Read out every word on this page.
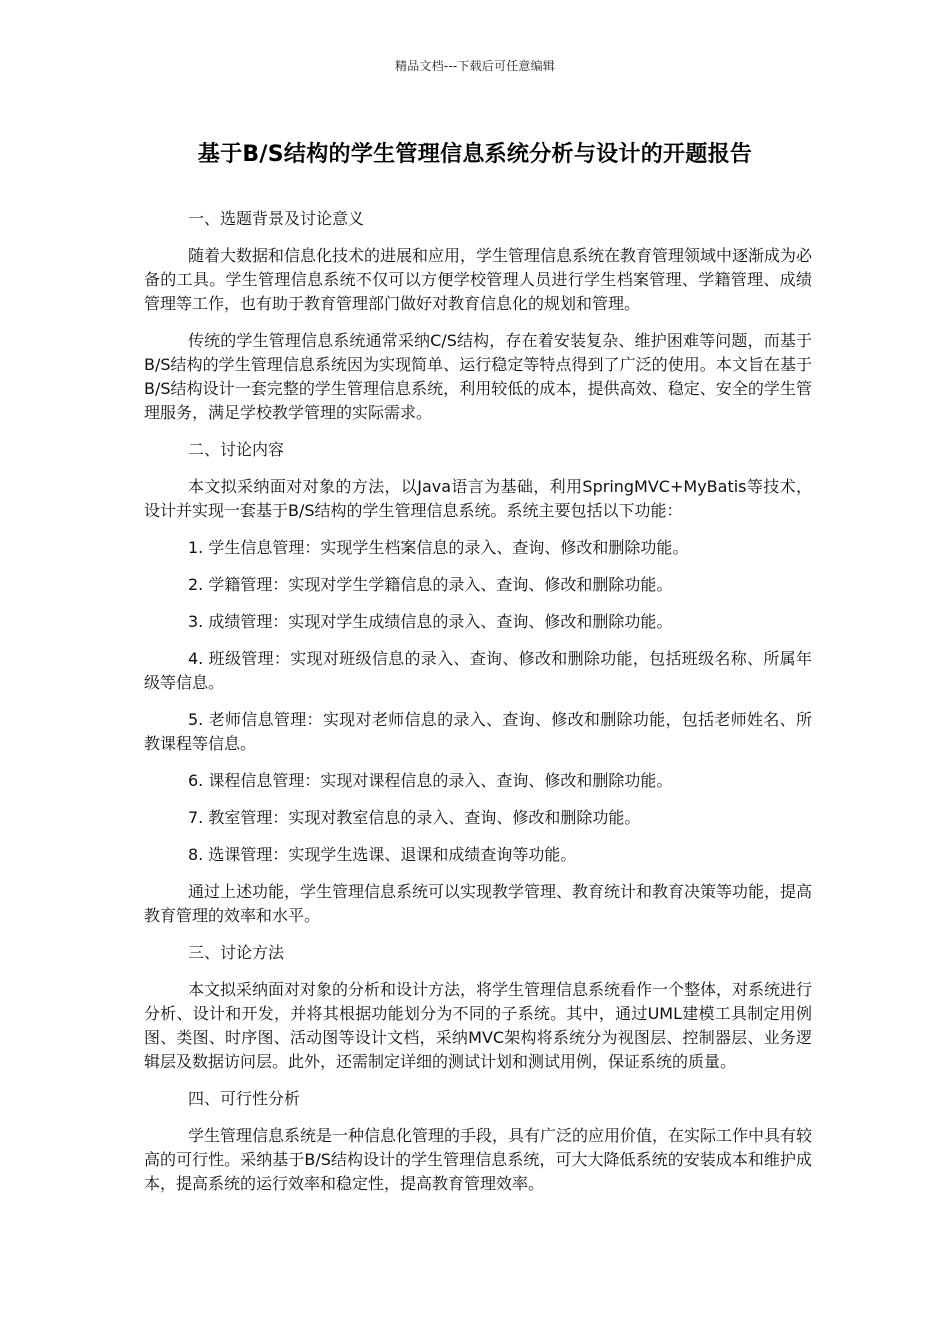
精品文档---下载后可任意编辑
基于B/S结构的学生管理信息系统分析与设计的开题报告

一、选题背景及讨论意义

随着大数据和信息化技术的进展和应用，学生管理信息系统在教育管理领域中逐渐成为必备的工具。学生管理信息系统不仅可以方便学校管理人员进行学生档案管理、学籍管理、成绩管理等工作，也有助于教育管理部门做好对教育信息化的规划和管理。

传统的学生管理信息系统通常采纳C/S结构，存在着安装复杂、维护困难等问题，而基于B/S结构的学生管理信息系统因为实现简单、运行稳定等特点得到了广泛的使用。本文旨在基于B/S结构设计一套完整的学生管理信息系统，利用较低的成本，提供高效、稳定、安全的学生管理服务，满足学校教学管理的实际需求。

二、讨论内容

本文拟采纳面对对象的方法，以Java语言为基础，利用SpringMVC+MyBatis等技术，设计并实现一套基于B/S结构的学生管理信息系统。系统主要包括以下功能：

1. 学生信息管理：实现学生档案信息的录入、查询、修改和删除功能。

2. 学籍管理：实现对学生学籍信息的录入、查询、修改和删除功能。

3. 成绩管理：实现对学生成绩信息的录入、查询、修改和删除功能。

4. 班级管理：实现对班级信息的录入、查询、修改和删除功能，包括班级名称、所属年级等信息。

5. 老师信息管理：实现对老师信息的录入、查询、修改和删除功能，包括老师姓名、所教课程等信息。

6. 课程信息管理：实现对课程信息的录入、查询、修改和删除功能。

7. 教室管理：实现对教室信息的录入、查询、修改和删除功能。

8. 选课管理：实现学生选课、退课和成绩查询等功能。

通过上述功能，学生管理信息系统可以实现教学管理、教育统计和教育决策等功能，提高教育管理的效率和水平。

三、讨论方法

本文拟采纳面对对象的分析和设计方法，将学生管理信息系统看作一个整体，对系统进行分析、设计和开发，并将其根据功能划分为不同的子系统。其中，通过UML建模工具制定用例图、类图、时序图、活动图等设计文档，采纳MVC架构将系统分为视图层、控制器层、业务逻辑层及数据访问层。此外，还需制定详细的测试计划和测试用例，保证系统的质量。

四、可行性分析

学生管理信息系统是一种信息化管理的手段，具有广泛的应用价值，在实际工作中具有较高的可行性。采纳基于B/S结构设计的学生管理信息系统，可大大降低系统的安装成本和维护成本，提高系统的运行效率和稳定性，提高教育管理效率。
